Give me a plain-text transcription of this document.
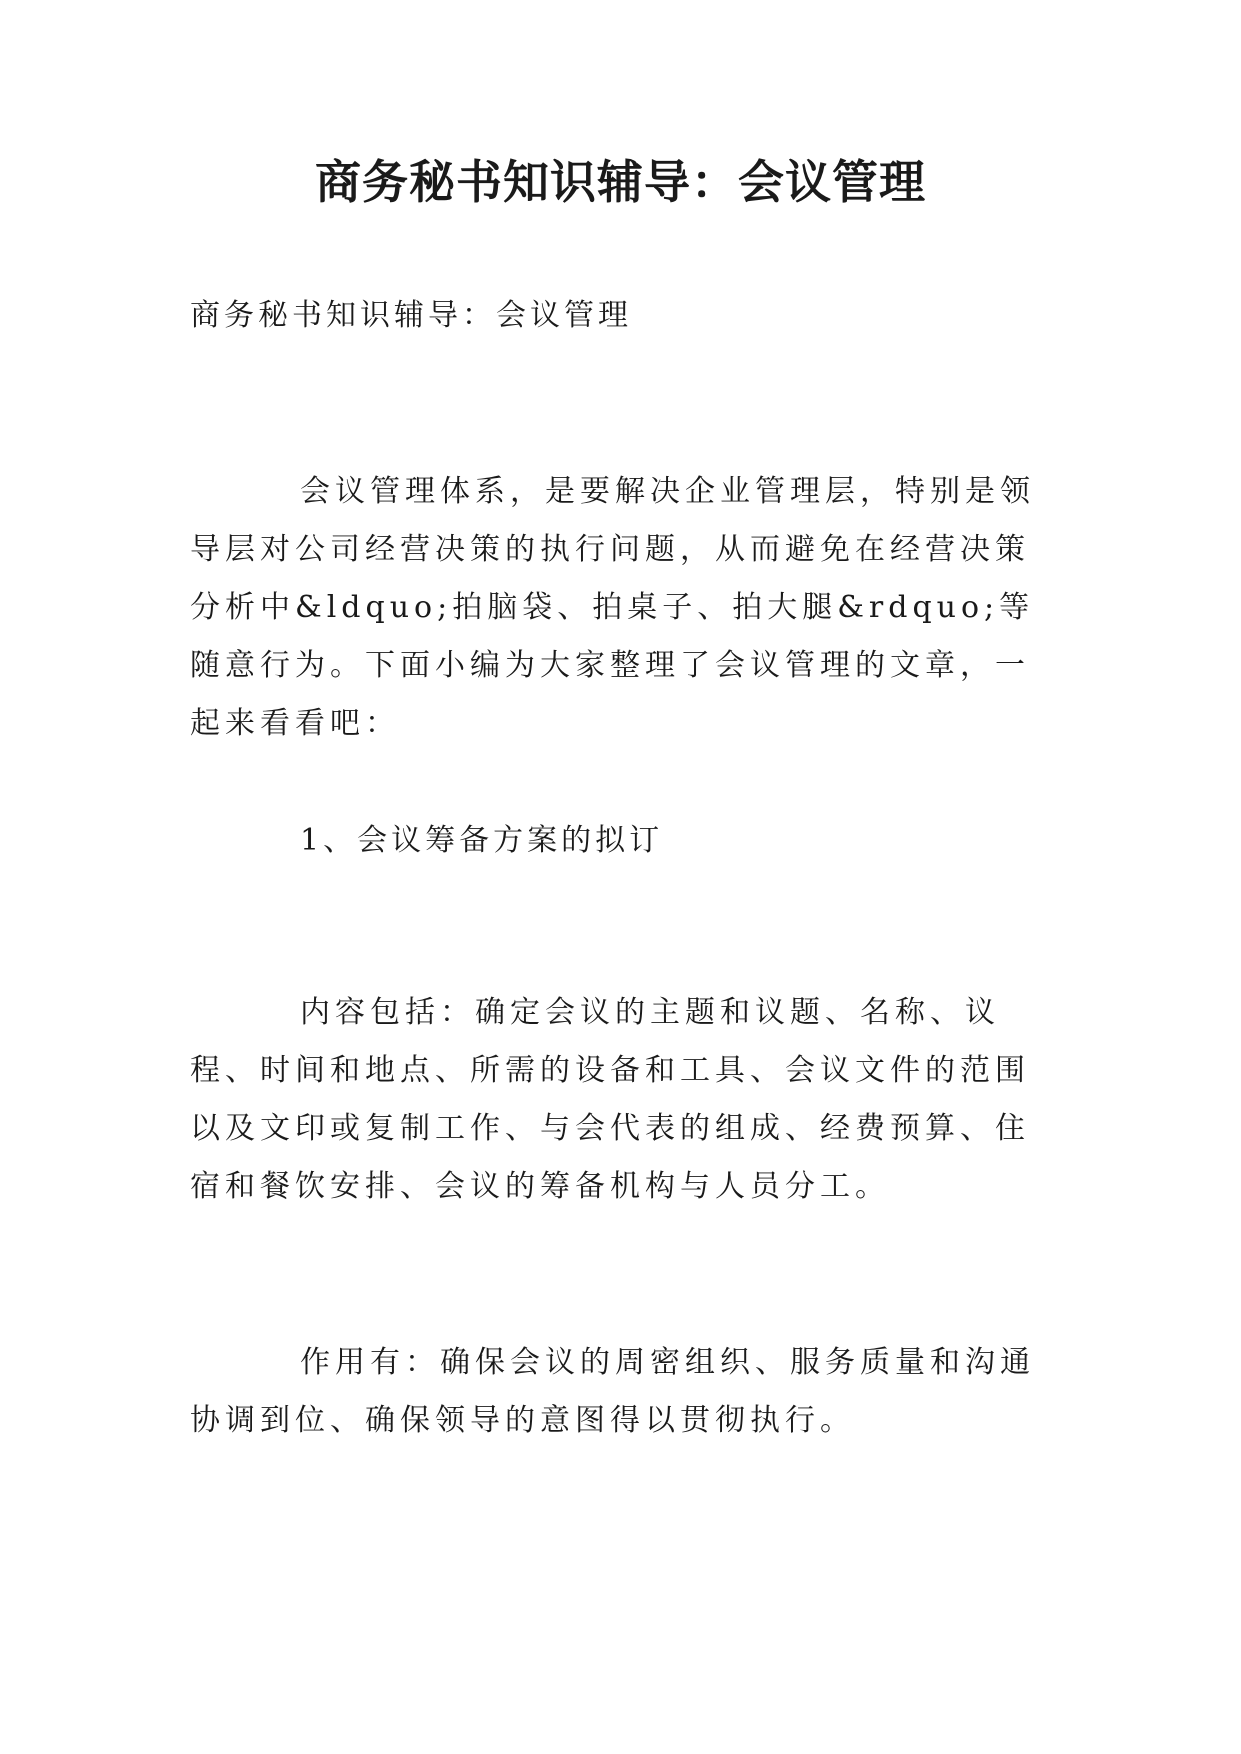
商务秘书知识辅导：会议管理

商务秘书知识辅导：会议管理

会议管理体系，是要解决企业管理层，特别是领导层对公司经营决策的执行问题，从而避免在经营决策分析中&ldquo;拍脑袋、拍桌子、拍大腿&rdquo;等随意行为。下面小编为大家整理了会议管理的文章，一起来看看吧：

1、会议筹备方案的拟订

内容包括：确定会议的主题和议题、名称、议程、时间和地点、所需的设备和工具、会议文件的范围以及文印或复制工作、与会代表的组成、经费预算、住宿和餐饮安排、会议的筹备机构与人员分工。

作用有：确保会议的周密组织、服务质量和沟通协调到位、确保领导的意图得以贯彻执行。
